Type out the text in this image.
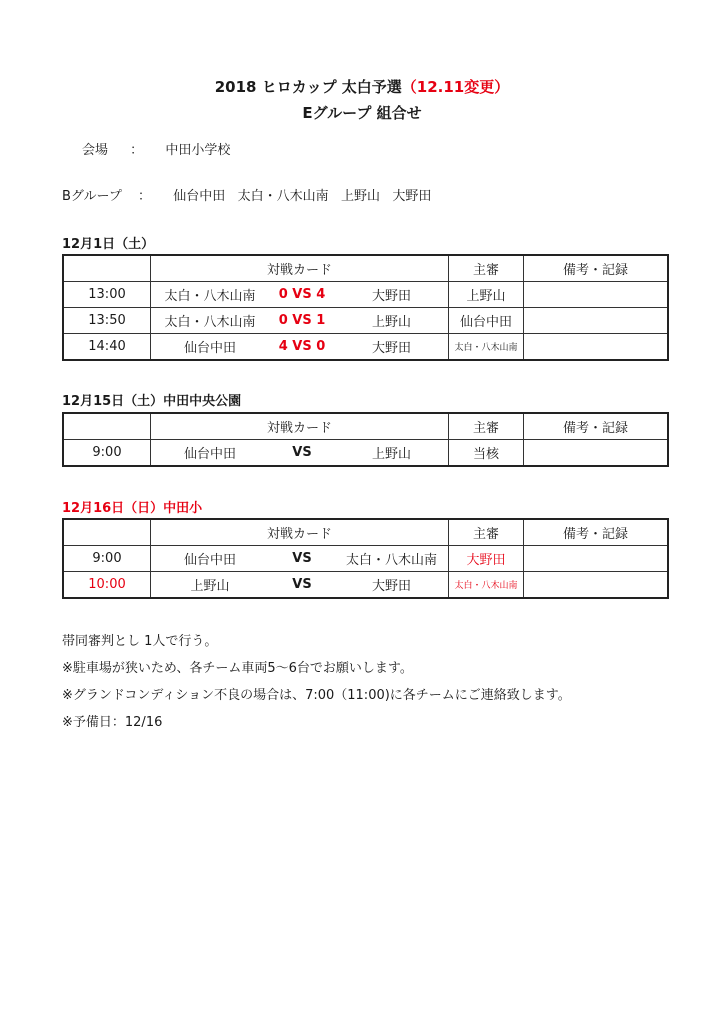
2018 ヒロカップ 太白予選（12.11変更）
Eグループ 組合せ
会場 ： 中田小学校
Bグループ ： 仙台中田   太白・八木山南   上野山   大野田
12月1日（土）
	対戦カード	主審	備考・記録
13:00	太白・八木山南 0 VS 4 大野田	上野山	
13:50	太白・八木山南 0 VS 1 上野山	仙台中田	
14:40	仙台中田 4 VS 0 大野田	太白・八木山南	
12月15日（土）中田中央公園
	対戦カード	主審	備考・記録
9:00	仙台中田 VS 上野山	当核	
12月16日（日）中田小
	対戦カード	主審	備考・記録
9:00	仙台中田 VS 太白・八木山南	大野田	
10:00	上野山 VS 大野田	太白・八木山南	
帯同審判とし 1人で行う。
※駐車場が狭いため、各チーム車両5～6台でお願いします。
※グランドコンディション不良の場合は、7:00（11:00)に各チームにご連絡致します。
※予備日：12/16
